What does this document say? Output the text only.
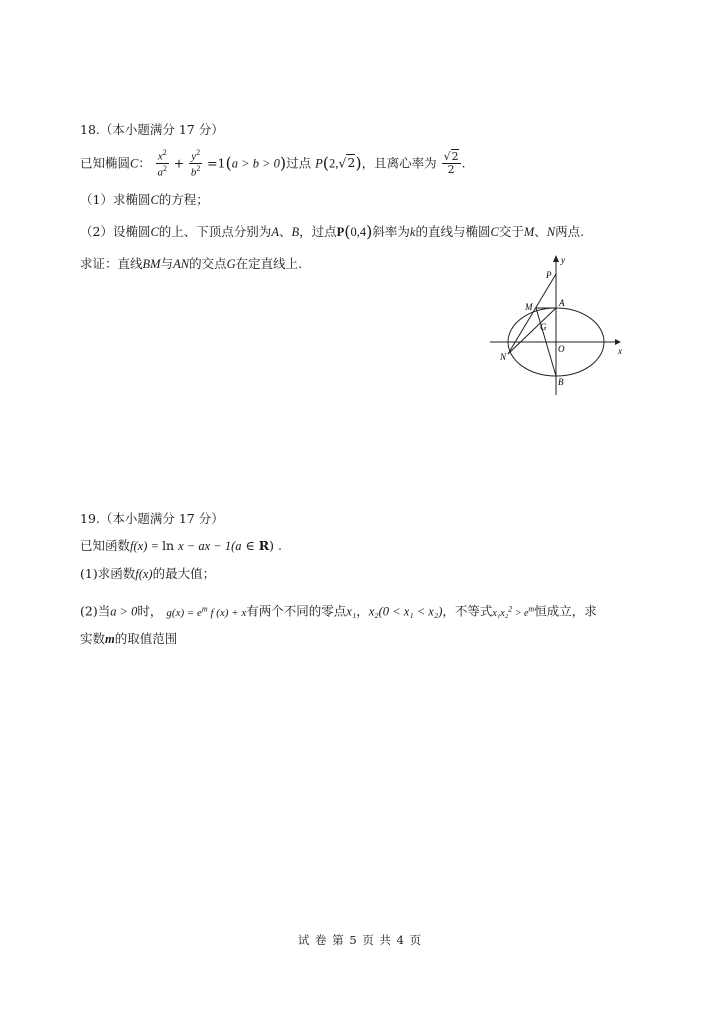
18.（本小题满分 17 分）
已知椭圆C： $\frac{x^2}{a^2} + \frac{y^2}{b^2} =1(a > b > 0)$过点 P(2,√2)，且离心率为 $\frac{√2}{2}$ .
（1）求椭圆C的方程；
（2）设椭圆C的上、下顶点分别为A、B，过点P(0,4)斜率为k的直线与椭圆C交于M、N两点.
求证：直线BM与AN的交点G在定直线上.	y
x
P
M	A
G
O
N
B
19.（本小题满分 17 分）
已知函数f(x) = ln x − ax − 1(a ∈ R) .
(1)求函数f(x)的最大值；
(2)当a > 0时， $g(x) = e^m$ f (x) + x有两个不同的零点x₁，x₂(0 < x₁ < x₂)，不等式$x_1x_2^2 > e^m$恒成立，求
实数m的取值范围
试 卷 第 5 页 共 4 页
